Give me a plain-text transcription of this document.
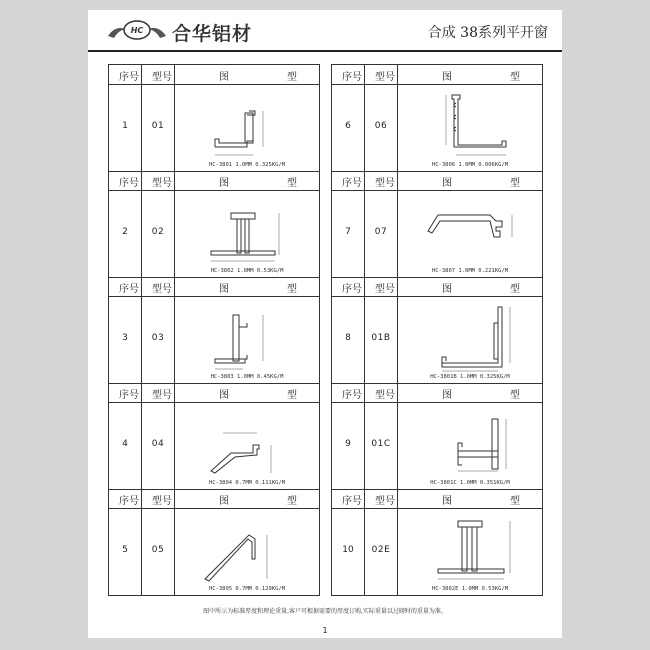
HC 合华铝材	合成 38系列平开窗
序号 型号	图	型
1	01
HC-3801 1.0MM 0.325KG/M
序号 型号	图	型
2	02
HC-3802 1.0MM 0.53KG/M
序号 型号	图	型
3	03
HC-3803 1.0MM 0.45KG/M
序号 型号	图	型
4	04
HC-3804 0.7MM 0.111KG/M
序号 型号	图	型
5	05
HC-3805 0.7MM 0.129KG/M
序号 型号	图	型
6	06
HC-3806 1.0MM 0.006KG/M
序号 型号	图	型
7	07
HC-3807 1.0MM 0.221KG/M
序号 型号	图	型
8	01B
HC-3801B 1.0MM 0.325KG/M
序号 型号	图	型
9	01C
HC-3801C 1.0MM 0.351KG/M
序号 型号	图	型
10	02E
HC-3802E 1.0MM 0.53KG/M
图中所示为标准厚度和理论重量,客户可根据需要的厚度订购,实际重量以过磅时的重量为准。
1
